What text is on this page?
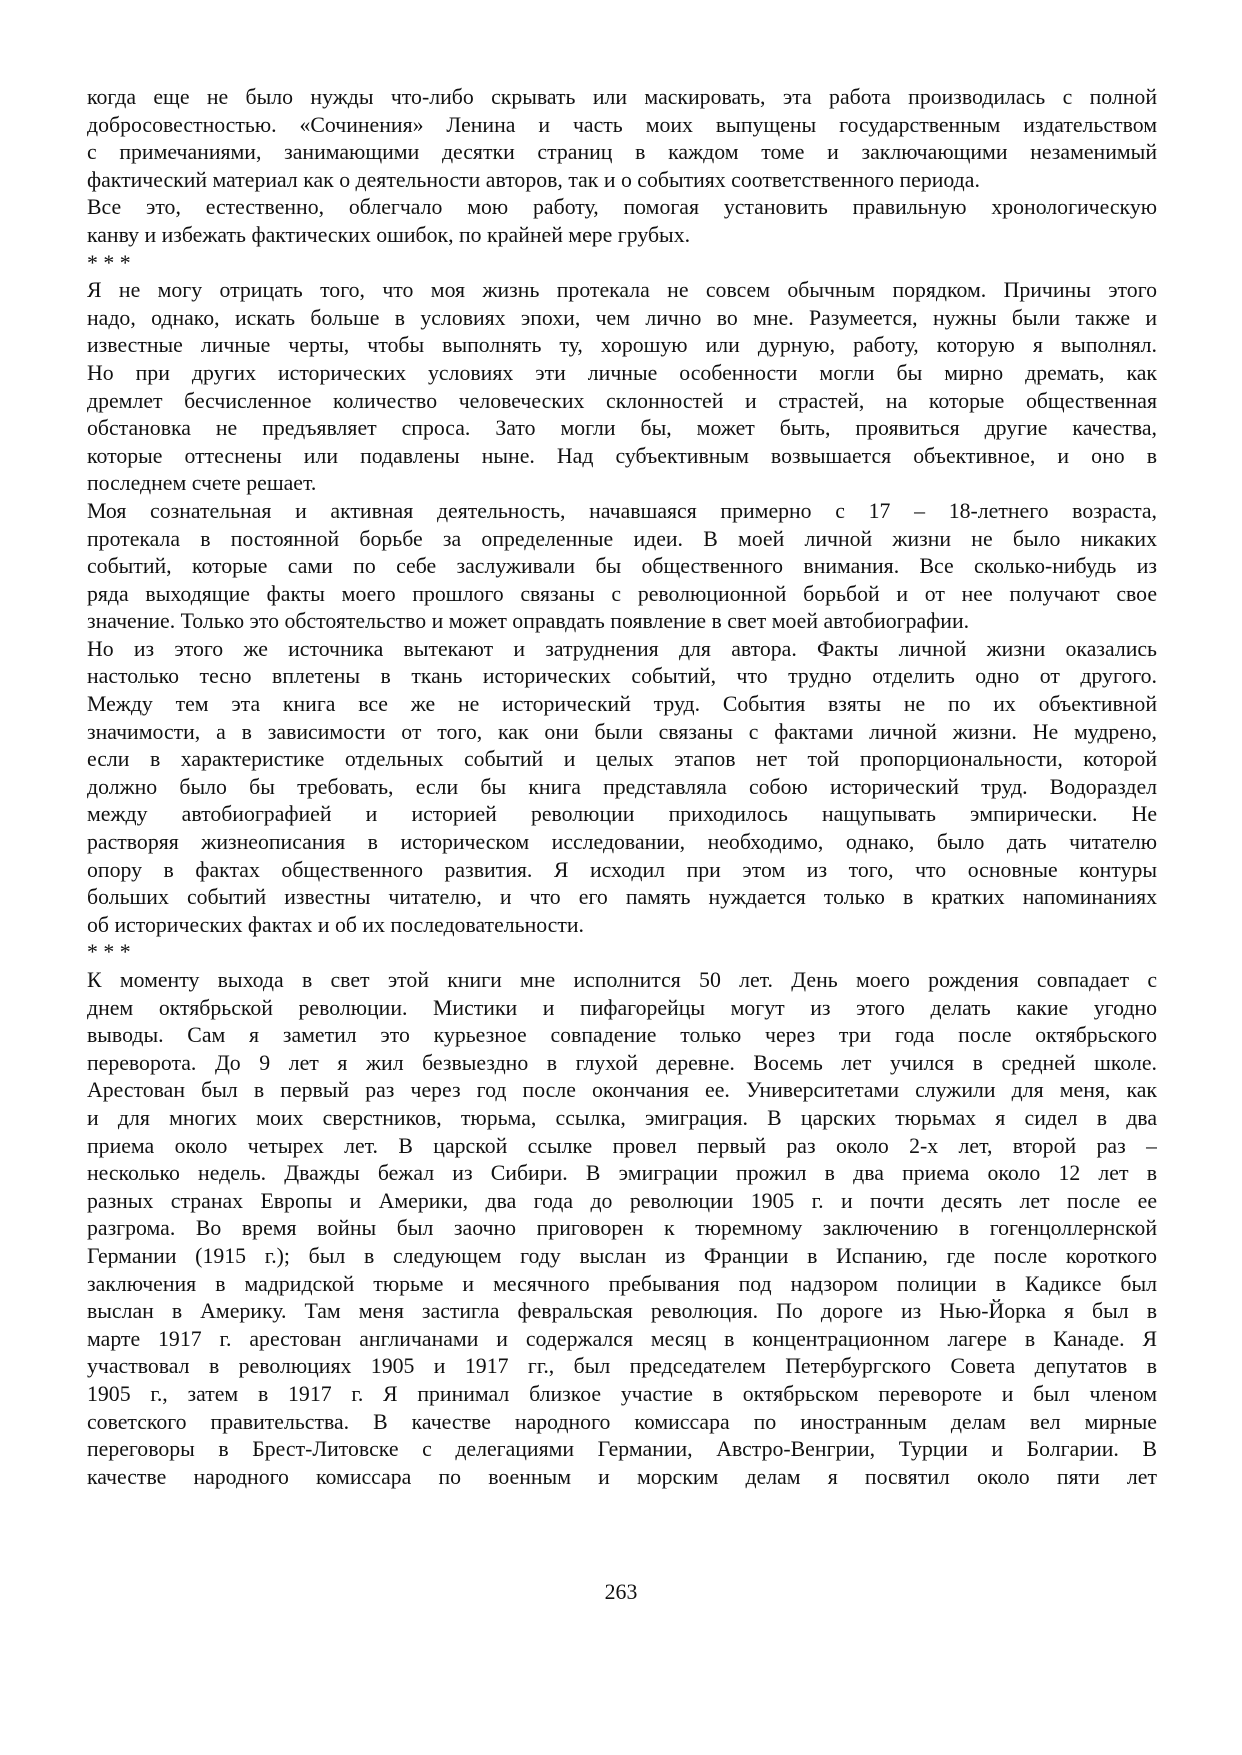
когда еще не было нужды что-либо скрывать или маскировать, эта работа производилась с полной
добросовестностью. «Сочинения» Ленина и часть моих выпущены государственным издательством
с примечаниями, занимающими десятки страниц в каждом томе и заключающими незаменимый
фактический материал как о деятельности авторов, так и о событиях соответственного периода.
Все это, естественно, облегчало мою работу, помогая установить правильную хронологическую
канву и избежать фактических ошибок, по крайней мере грубых.
* * *
Я не могу отрицать того, что моя жизнь протекала не совсем обычным порядком. Причины этого
надо, однако, искать больше в условиях эпохи, чем лично во мне. Разумеется, нужны были также и
известные личные черты, чтобы выполнять ту, хорошую или дурную, работу, которую я выполнял.
Но при других исторических условиях эти личные особенности могли бы мирно дремать, как
дремлет бесчисленное количество человеческих склонностей и страстей, на которые общественная
обстановка не предъявляет спроса. Зато могли бы, может быть, проявиться другие качества,
которые оттеснены или подавлены ныне. Над субъективным возвышается объективное, и оно в
последнем счете решает.
Моя сознательная и активная деятельность, начавшаяся примерно с 17 – 18-летнего возраста,
протекала в постоянной борьбе за определенные идеи. В моей личной жизни не было никаких
событий, которые сами по себе заслуживали бы общественного внимания. Все сколько-нибудь из
ряда выходящие факты моего прошлого связаны с революционной борьбой и от нее получают свое
значение. Только это обстоятельство и может оправдать появление в свет моей автобиографии.
Но из этого же источника вытекают и затруднения для автора. Факты личной жизни оказались
настолько тесно вплетены в ткань исторических событий, что трудно отделить одно от другого.
Между тем эта книга все же не исторический труд. События взяты не по их объективной
значимости, а в зависимости от того, как они были связаны с фактами личной жизни. Не мудрено,
если в характеристике отдельных событий и целых этапов нет той пропорциональности, которой
должно было бы требовать, если бы книга представляла собою исторический труд. Водораздел
между автобиографией и историей революции приходилось нащупывать эмпирически. Не
растворяя жизнеописания в историческом исследовании, необходимо, однако, было дать читателю
опору в фактах общественного развития. Я исходил при этом из того, что основные контуры
больших событий известны читателю, и что его память нуждается только в кратких напоминаниях
об исторических фактах и об их последовательности.
* * *
К моменту выхода в свет этой книги мне исполнится 50 лет. День моего рождения совпадает с
днем октябрьской революции. Мистики и пифагорейцы могут из этого делать какие угодно
выводы. Сам я заметил это курьезное совпадение только через три года после октябрьского
переворота. До 9 лет я жил безвыездно в глухой деревне. Восемь лет учился в средней школе.
Арестован был в первый раз через год после окончания ее. Университетами служили для меня, как
и для многих моих сверстников, тюрьма, ссылка, эмиграция. В царских тюрьмах я сидел в два
приема около четырех лет. В царской ссылке провел первый раз около 2-х лет, второй раз –
несколько недель. Дважды бежал из Сибири. В эмиграции прожил в два приема около 12 лет в
разных странах Европы и Америки, два года до революции 1905 г. и почти десять лет после ее
разгрома. Во время войны был заочно приговорен к тюремному заключению в гогенцоллернской
Германии (1915 г.); был в следующем году выслан из Франции в Испанию, где после короткого
заключения в мадридской тюрьме и месячного пребывания под надзором полиции в Кадиксе был
выслан в Америку. Там меня застигла февральская революция. По дороге из Нью-Йорка я был в
марте 1917 г. арестован англичанами и содержался месяц в концентрационном лагере в Канаде. Я
участвовал в революциях 1905 и 1917 гг., был председателем Петербургского Совета депутатов в
1905 г., затем в 1917 г. Я принимал близкое участие в октябрьском перевороте и был членом
советского правительства. В качестве народного комиссара по иностранным делам вел мирные
переговоры в Брест-Литовске с делегациями Германии, Австро-Венгрии, Турции и Болгарии. В
качестве народного комиссара по военным и морским делам я посвятил около пяти лет
263
